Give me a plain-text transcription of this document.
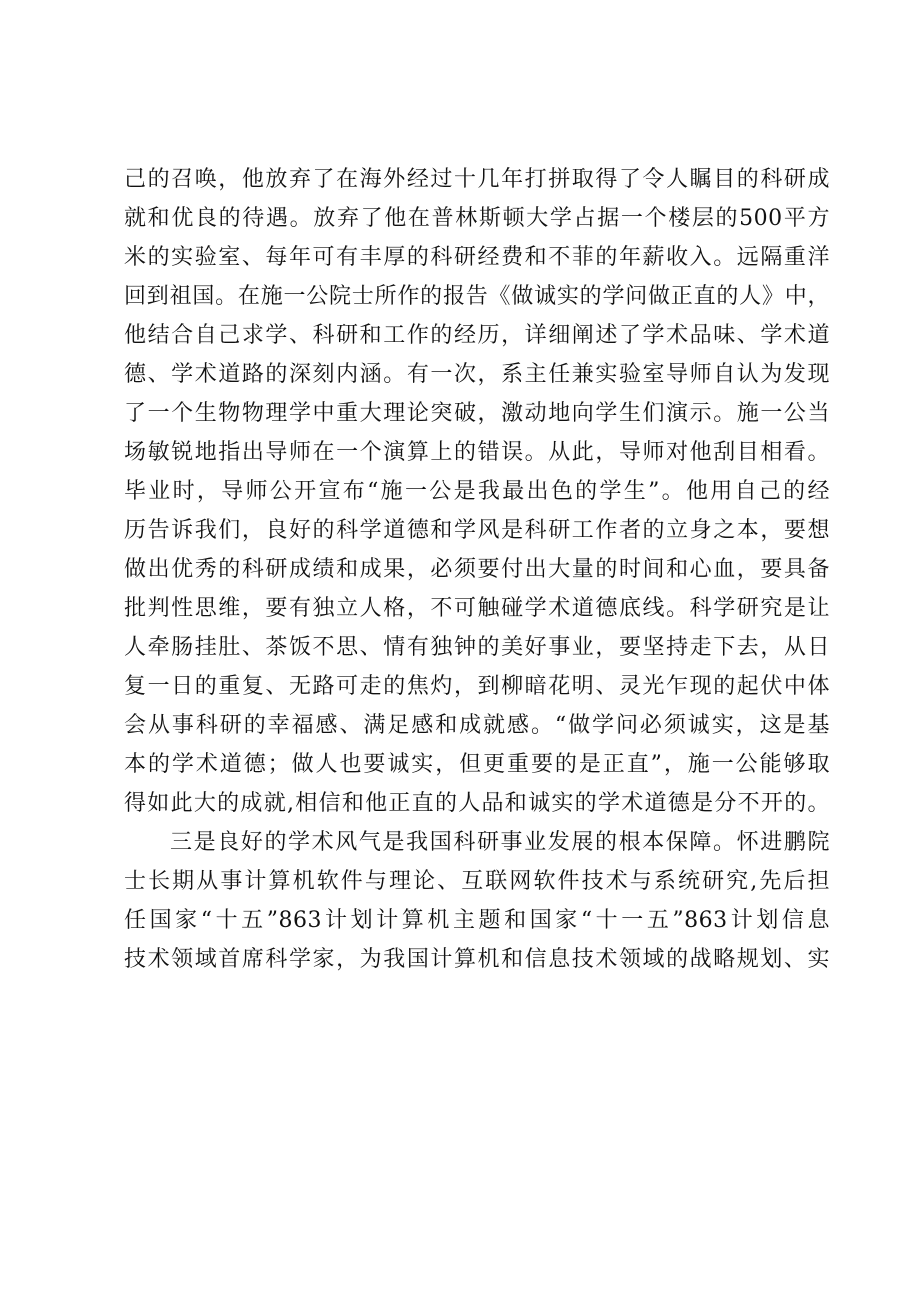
己的召唤，他放弃了在海外经过十几年打拼取得了令人瞩目的科研成
就和优良的待遇。放弃了他在普林斯顿大学占据一个楼层的500平方
米的实验室、每年可有丰厚的科研经费和不菲的年薪收入。远隔重洋
回到祖国。在施一公院士所作的报告《做诚实的学问做正直的人》中，
他结合自己求学、科研和工作的经历，详细阐述了学术品味、学术道
德、学术道路的深刻内涵。有一次，系主任兼实验室导师自认为发现
了一个生物物理学中重大理论突破，激动地向学生们演示。施一公当
场敏锐地指出导师在一个演算上的错误。从此，导师对他刮目相看。
毕业时，导师公开宣布“施一公是我最出色的学生”。他用自己的经
历告诉我们，良好的科学道德和学风是科研工作者的立身之本，要想
做出优秀的科研成绩和成果，必须要付出大量的时间和心血，要具备
批判性思维，要有独立人格，不可触碰学术道德底线。科学研究是让
人牵肠挂肚、茶饭不思、情有独钟的美好事业，要坚持走下去，从日
复一日的重复、无路可走的焦灼，到柳暗花明、灵光乍现的起伏中体
会从事科研的幸福感、满足感和成就感。“做学问必须诚实，这是基
本的学术道德；做人也要诚实，但更重要的是正直”，施一公能够取
得如此大的成就,相信和他正直的人品和诚实的学术道德是分不开的。
三是良好的学术风气是我国科研事业发展的根本保障。怀进鹏院
士长期从事计算机软件与理论、互联网软件技术与系统研究,先后担
任国家“十五”863计划计算机主题和国家“十一五”863计划信息
技术领域首席科学家，为我国计算机和信息技术领域的战略规划、实
